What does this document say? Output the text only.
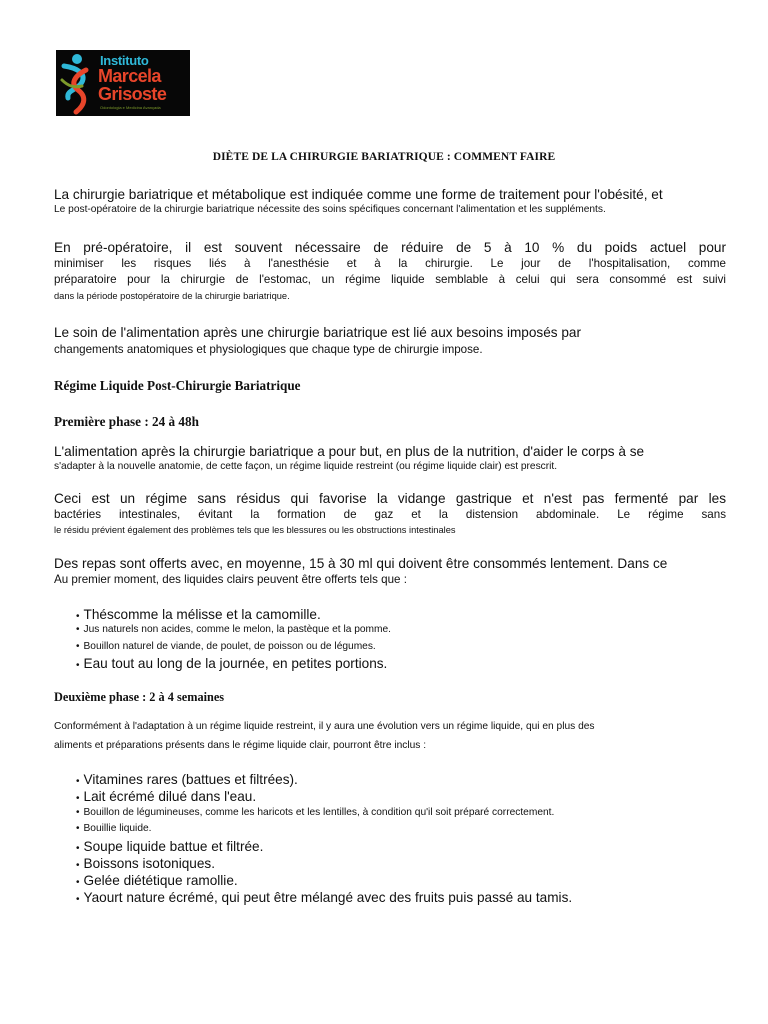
Instituto
Marcela
Grisoste
Odontologia e Medicina Avançada
DIÈTE DE LA CHIRURGIE BARIATRIQUE : COMMENT FAIRE
La chirurgie bariatrique et métabolique est indiquée comme une forme de traitement pour l'obésité, et
Le post-opératoire de la chirurgie bariatrique nécessite des soins spécifiques concernant l'alimentation et les suppléments.
En pré-opératoire, il est souvent nécessaire de réduire de 5 à 10 % du poids actuel pour
minimiser les risques liés à l'anesthésie et à la chirurgie. Le jour de l'hospitalisation, comme
préparatoire pour la chirurgie de l'estomac, un régime liquide semblable à celui qui sera consommé est suivi
dans la période postopératoire de la chirurgie bariatrique.
Le soin de l'alimentation après une chirurgie bariatrique est lié aux besoins imposés par
changements anatomiques et physiologiques que chaque type de chirurgie impose.
Régime Liquide Post-Chirurgie Bariatrique
Première phase : 24 à 48h
L'alimentation après la chirurgie bariatrique a pour but, en plus de la nutrition, d'aider le corps à se
s'adapter à la nouvelle anatomie, de cette façon, un régime liquide restreint (ou régime liquide clair) est prescrit.
Ceci est un régime sans résidus qui favorise la vidange gastrique et n'est pas fermenté par les
bactéries intestinales, évitant la formation de gaz et la distension abdominale. Le régime sans
le résidu prévient également des problèmes tels que les blessures ou les obstructions intestinales
Des repas sont offerts avec, en moyenne, 15 à 30 ml qui doivent être consommés lentement. Dans ce
Au premier moment, des liquides clairs peuvent être offerts tels que :
• Théscomme la mélisse et la camomille.
• Jus naturels non acides, comme le melon, la pastèque et la pomme.
• Bouillon naturel de viande, de poulet, de poisson ou de légumes.
• Eau tout au long de la journée, en petites portions.
Deuxième phase : 2 à 4 semaines
Conformément à l'adaptation à un régime liquide restreint, il y aura une évolution vers un régime liquide, qui en plus des
aliments et préparations présents dans le régime liquide clair, pourront être inclus :
• Vitamines rares (battues et filtrées).
• Lait écrémé dilué dans l'eau.
• Bouillon de légumineuses, comme les haricots et les lentilles, à condition qu'il soit préparé correctement.
• Bouillie liquide.
• Soupe liquide battue et filtrée.
• Boissons isotoniques.
• Gelée diététique ramollie.
• Yaourt nature écrémé, qui peut être mélangé avec des fruits puis passé au tamis.
